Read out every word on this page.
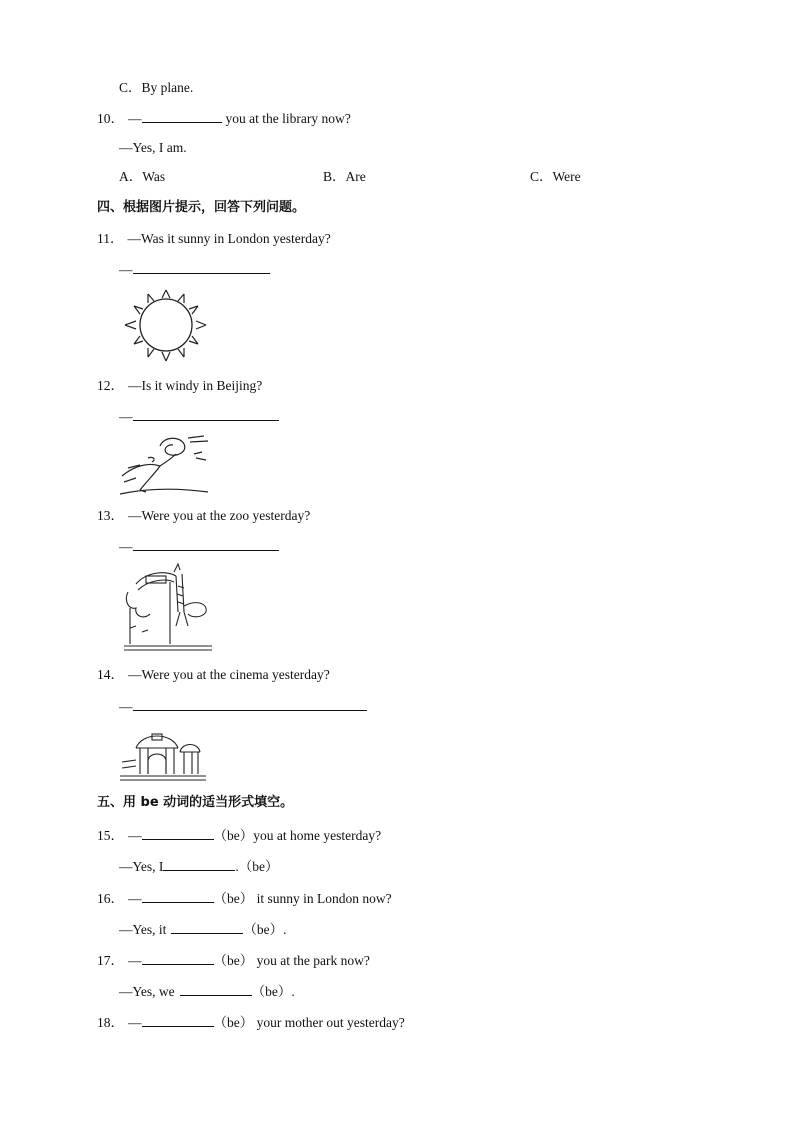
C．By plane.
10． —	you at the library now?
—Yes, I am.
A．Was	B．Are	C．Were
四、根据图片提示，回答下列问题。
11． —Was it sunny in London yesterday?
—
12． —Is it windy in Beijing?
—
13． —Were you at the zoo yesterday?
—
14． —Were you at the cinema yesterday?
—
五、用 be 动词的适当形式填空。
15． —	（be）you at home yesterday?
—Yes, I	.（be）
16． —	（be） it sunny in London now?
—Yes, it	（be）.
17． —	（be） you at the park now?
—Yes, we	（be）.
18． —	（be） your mother out yesterday?
